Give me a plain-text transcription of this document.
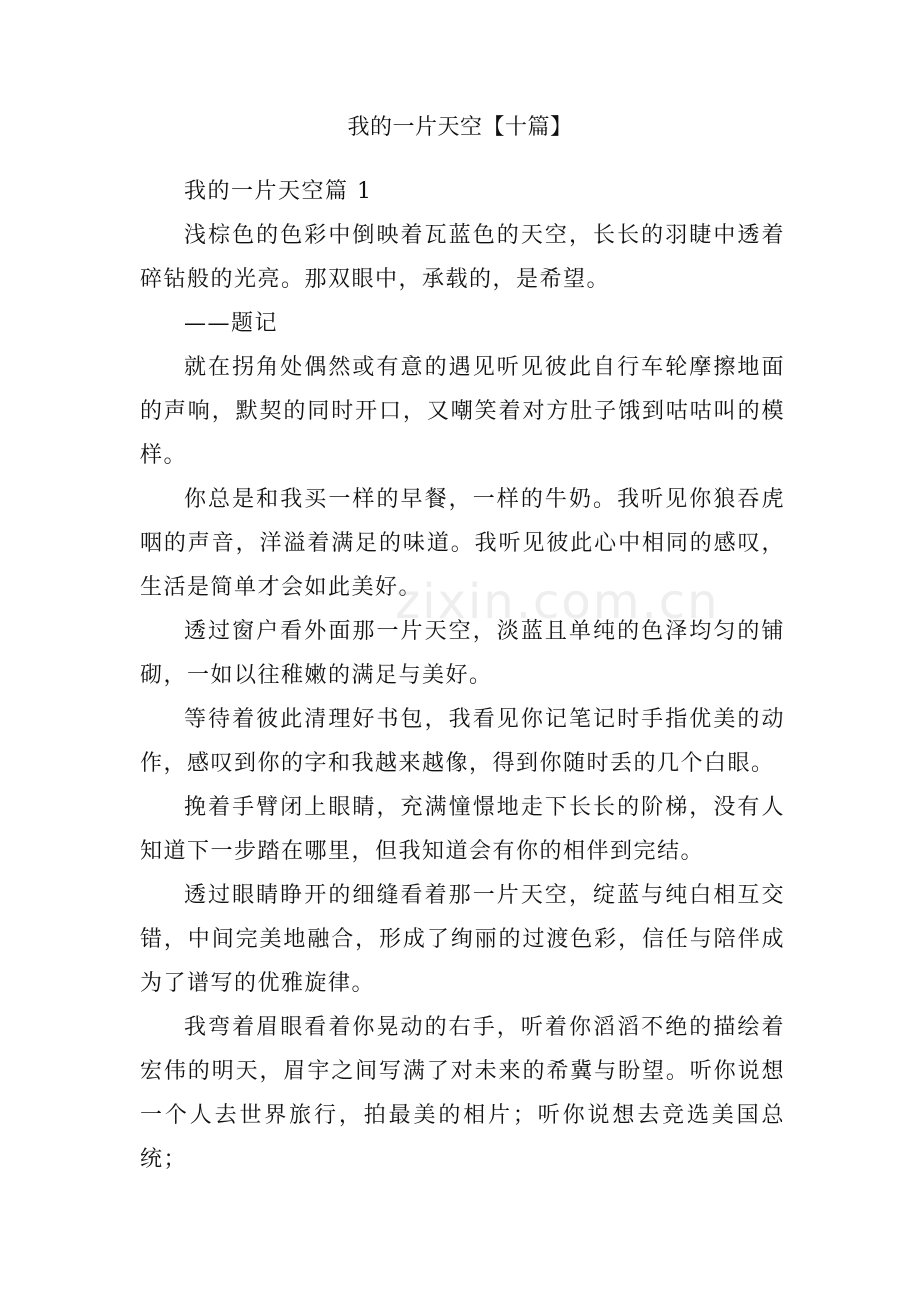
我的一片天空【十篇】

我的一片天空篇 1

浅棕色的色彩中倒映着瓦蓝色的天空，长长的羽睫中透着碎钻般的光亮。那双眼中，承载的，是希望。

——题记

就在拐角处偶然或有意的遇见听见彼此自行车轮摩擦地面的声响，默契的同时开口，又嘲笑着对方肚子饿到咕咕叫的模样。

你总是和我买一样的早餐，一样的牛奶。我听见你狼吞虎咽的声音，洋溢着满足的味道。我听见彼此心中相同的感叹，生活是简单才会如此美好。

透过窗户看外面那一片天空，淡蓝且单纯的色泽均匀的铺砌，一如以往稚嫩的满足与美好。

等待着彼此清理好书包，我看见你记笔记时手指优美的动作，感叹到你的字和我越来越像，得到你随时丢的几个白眼。

挽着手臂闭上眼睛，充满憧憬地走下长长的阶梯，没有人知道下一步踏在哪里，但我知道会有你的相伴到完结。

透过眼睛睁开的细缝看着那一片天空，绽蓝与纯白相互交错，中间完美地融合，形成了绚丽的过渡色彩，信任与陪伴成为了谱写的优雅旋律。

我弯着眉眼看着你晃动的右手，听着你滔滔不绝的描绘着宏伟的明天，眉宇之间写满了对未来的希冀与盼望。听你说想一个人去世界旅行，拍最美的相片；听你说想去竞选美国总统；

zixin.com.cn
